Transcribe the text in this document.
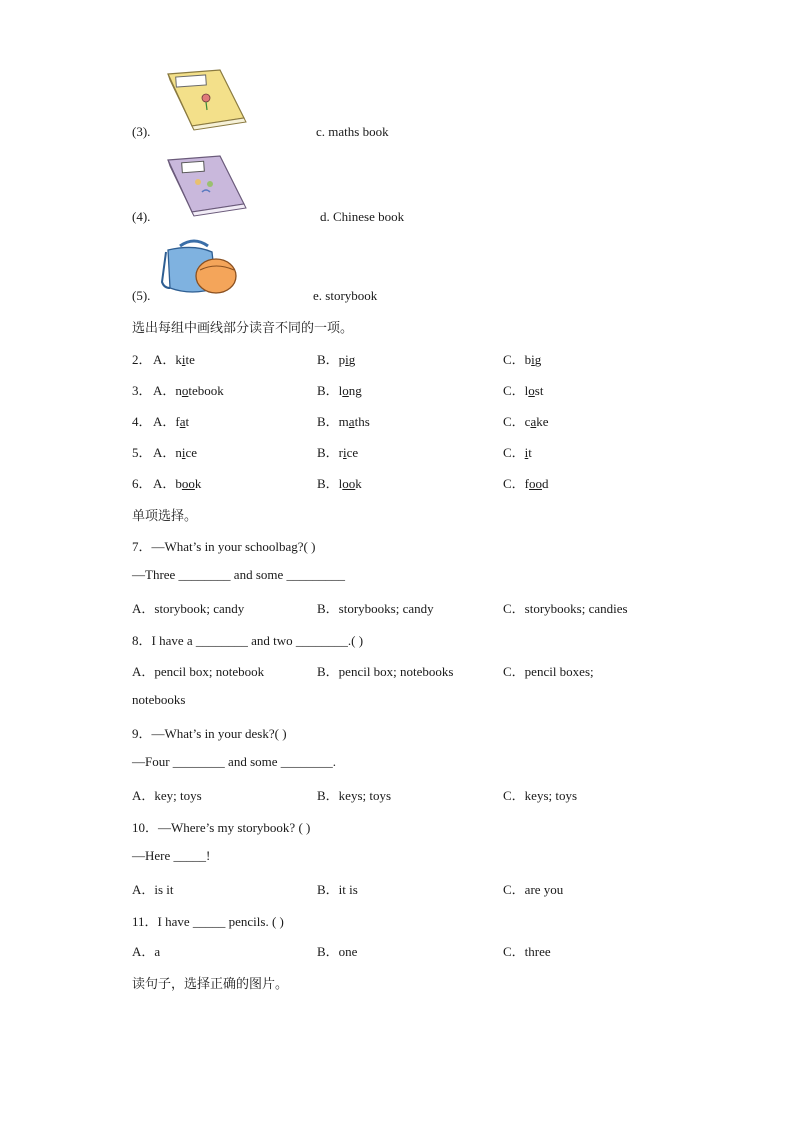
(3).	c. maths book
(4).	d. Chinese book
(5).	e. storybook
选出每组中画线部分读音不同的一项。
2． A．kite	B．pig	C．big
3． A．notebook	B．long	C．lost
4． A．fat	B．maths	C．cake
5． A．nice	B．rice	C．it
6． A．book	B．look	C．food
单项选择。
7．—What’s in your schoolbag?( )
—Three ________ and some _________
A．storybook; candy	B．storybooks; candy	C．storybooks; candies
8．I have a ________ and two ________.( )
A．pencil box; notebook	B．pencil box; notebooks	C．pencil boxes;
notebooks
9．—What’s in your desk?( )
—Four ________ and some ________.
A．key; toys	B．keys; toys	C．keys; toys
10．—Where’s my storybook? ( )
—Here _____!
A．is it	B．it is	C．are you
11．I have _____ pencils. ( )
A．a	B．one	C．three
读句子，选择正确的图片。
